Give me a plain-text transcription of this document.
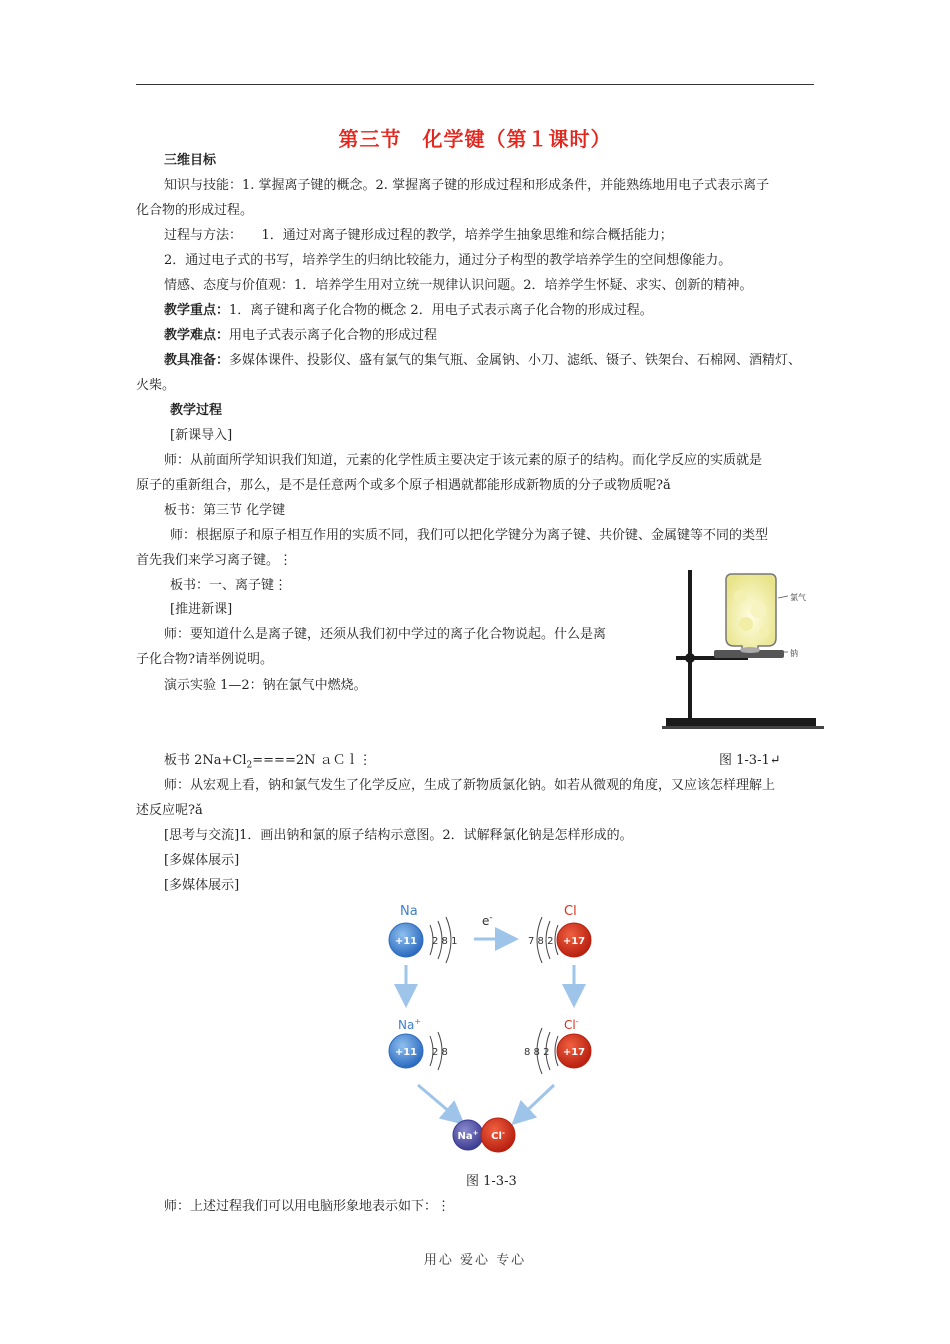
第三节　化学键（第１课时）
三维目标
知识与技能：1. 掌握离子键的概念。2. 掌握离子键的形成过程和形成条件，并能熟练地用电子式表示离子
化合物的形成过程。
过程与方法：　　1．通过对离子键形成过程的教学，培养学生抽象思维和综合概括能力；
2．通过电子式的书写，培养学生的归纳比较能力，通过分子构型的教学培养学生的空间想像能力。
情感、态度与价值观：1．培养学生用对立统一规律认识问题。2．培养学生怀疑、求实、创新的精神。
教学重点：1．离子键和离子化合物的概念 2．用电子式表示离子化合物的形成过程。
教学难点：用电子式表示离子化合物的形成过程
教具准备：多媒体课件、投影仪、盛有氯气的集气瓶、金属钠、小刀、滤纸、镊子、铁架台、石棉网、酒精灯、
火柴。
教学过程
[新课导入]
师：从前面所学知识我们知道，元素的化学性质主要决定于该元素的原子的结构。而化学反应的实质就是
原子的重新组合，那么，是不是任意两个或多个原子相遇就都能形成新物质的分子或物质呢?ǎ
板书：第三节 化学键
师：根据原子和原子相互作用的实质不同，我们可以把化学键分为离子键、共价键、金属键等不同的类型
首先我们来学习离子键。⋮
板书：一、离子键⋮
[推进新课]
师：要知道什么是离子键，还须从我们初中学过的离子化合物说起。什么是离
子化合物?请举例说明。
演示实验 1—2：钠在氯气中燃烧。
氯气
钠
板书 $2Na+Cl_2====2N$ ａＣｌ⋮	图 1-3-1↵
师：从宏观上看，钠和氯气发生了化学反应，生成了新物质氯化钠。如若从微观的角度，又应该怎样理解上
述反应呢?ǎ
[思考与交流]1．画出钠和氯的原子结构示意图。2．试解释氯化钠是怎样形成的。
[多媒体展示]
[多媒体展示]
Na	Cl
+11 2 8 1
e-
7 8 2 +17
Na+	Cl-
+11 2 8	8 8 2 +17
Na+ Cl-
图 1-3-3
师：上述过程我们可以用电脑形象地表示如下：⋮
用心 爱心 专心
